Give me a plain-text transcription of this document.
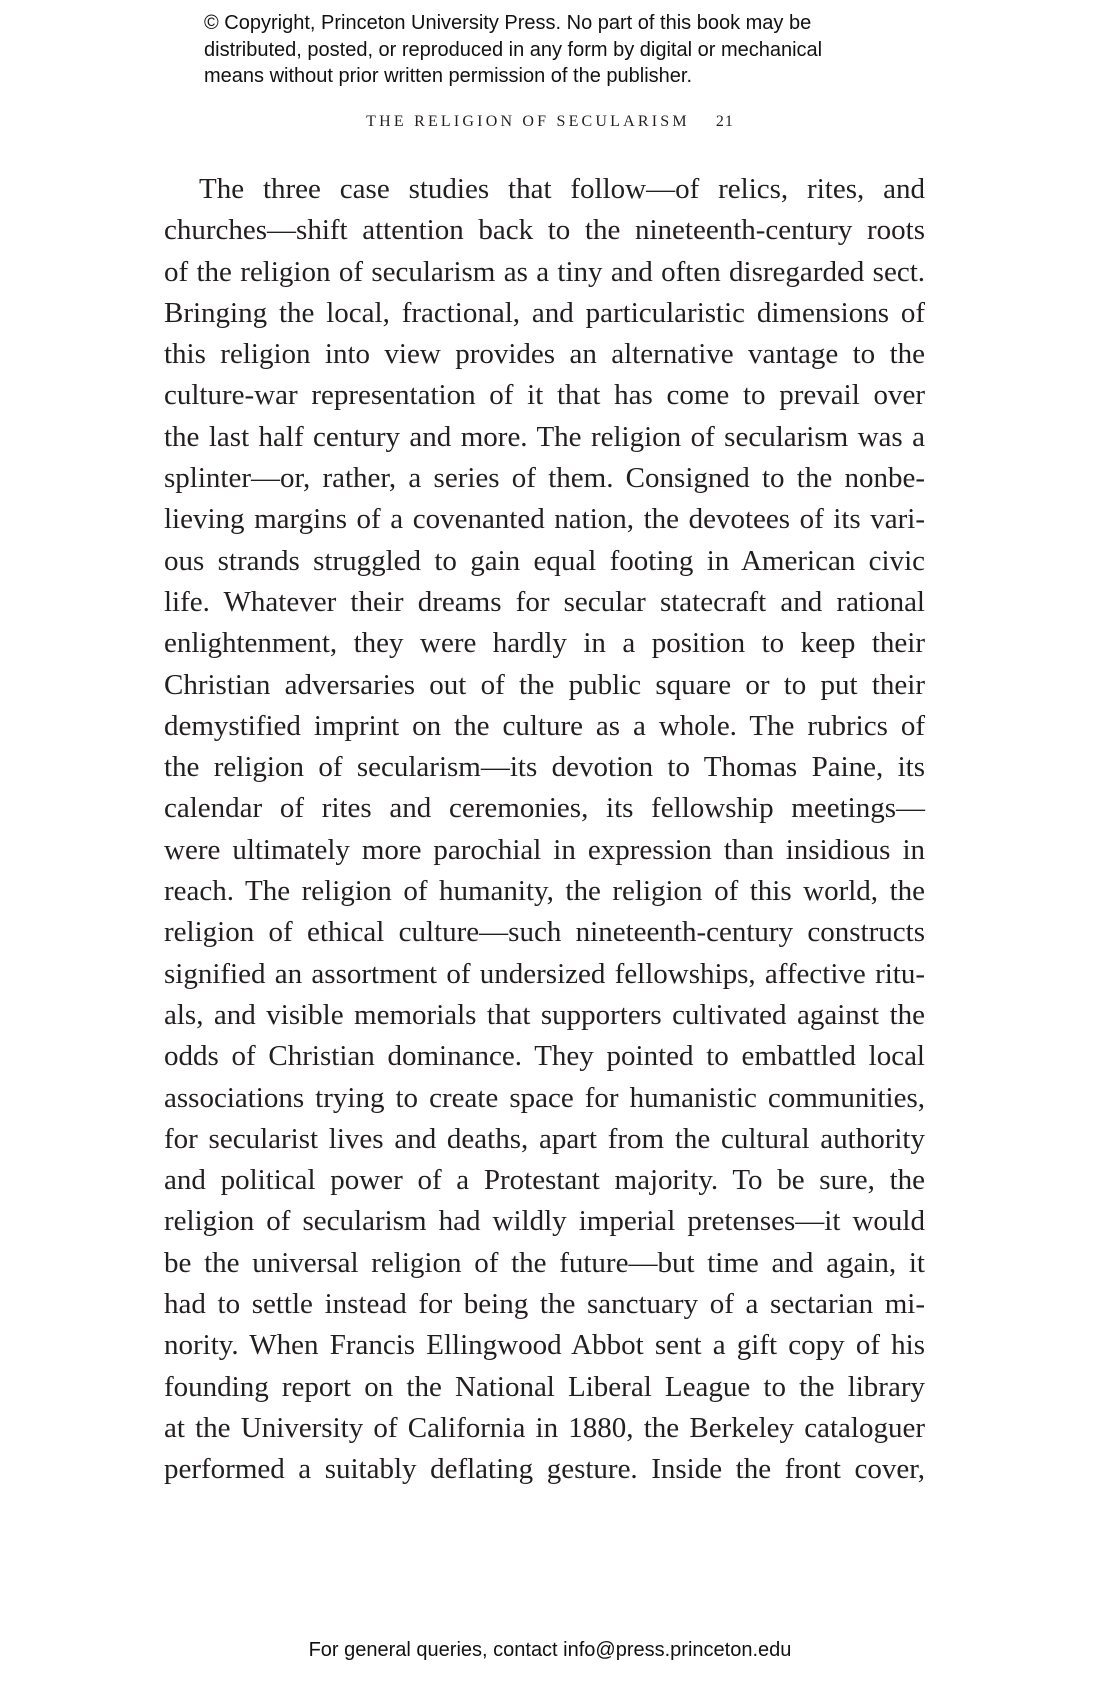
© Copyright, Princeton University Press. No part of this book may be
distributed, posted, or reproduced in any form by digital or mechanical
means without prior written permission of the publisher.
THE RELIGION OF SECULARISM 21
The three case studies that follow—of relics, rites, and
churches—shift attention back to the nineteenth-century roots
of the religion of secularism as a tiny and often disregarded sect.
Bringing the local, fractional, and particularistic dimensions of
this religion into view provides an alternative vantage to the
culture-war representation of it that has come to prevail over
the last half century and more. The religion of secularism was a
splinter—or, rather, a series of them. Consigned to the nonbe-
lieving margins of a covenanted nation, the devotees of its vari-
ous strands struggled to gain equal footing in American civic
life. Whatever their dreams for secular statecraft and rational
enlightenment, they were hardly in a position to keep their
Christian adversaries out of the public square or to put their
demystified imprint on the culture as a whole. The rubrics of
the religion of secularism—its devotion to Thomas Paine, its
calendar of rites and ceremonies, its fellowship meetings—
were ultimately more parochial in expression than insidious in
reach. The religion of humanity, the religion of this world, the
religion of ethical culture—such nineteenth-century constructs
signified an assortment of undersized fellowships, affective ritu-
als, and visible memorials that supporters cultivated against the
odds of Christian dominance. They pointed to embattled local
associations trying to create space for humanistic communities,
for secularist lives and deaths, apart from the cultural authority
and political power of a Protestant majority. To be sure, the
religion of secularism had wildly imperial pretenses—it would
be the universal religion of the future—but time and again, it
had to settle instead for being the sanctuary of a sectarian mi-
nority. When Francis Ellingwood Abbot sent a gift copy of his
founding report on the National Liberal League to the library
at the University of California in 1880, the Berkeley cataloguer
performed a suitably deflating gesture. Inside the front cover,
For general queries, contact info@press.princeton.edu
